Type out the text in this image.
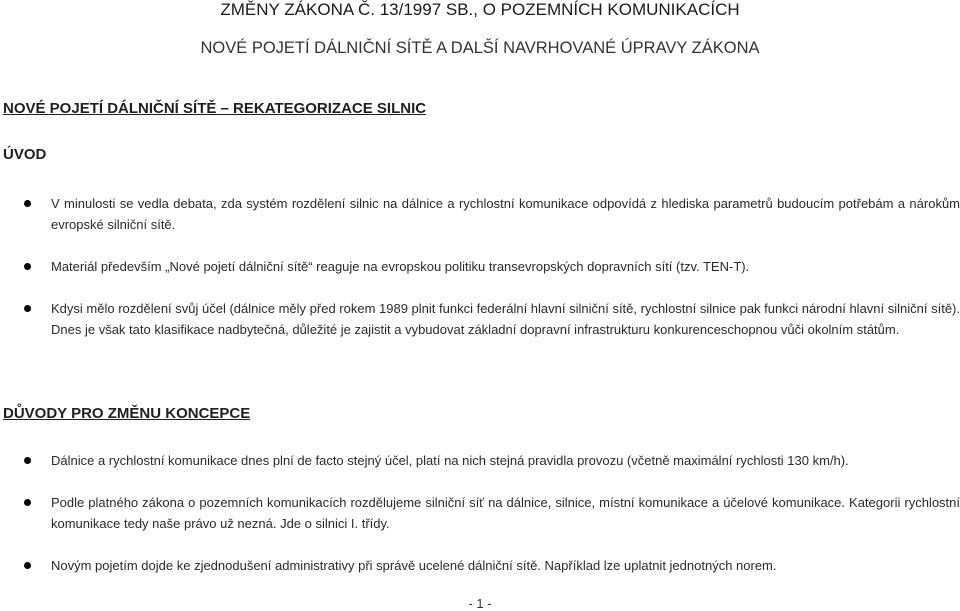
ZMĚNY ZÁKONA Č. 13/1997 SB., O POZEMNÍCH KOMUNIKACÍCH
NOVÉ POJETÍ DÁLNIČNÍ SÍTĚ A DALŠÍ NAVRHOVANÉ ÚPRAVY ZÁKONA
NOVÉ POJETÍ DÁLNIČNÍ SÍTĚ – REKATEGORIZACE SILNIC
ÚVOD
V minulosti se vedla debata, zda systém rozdělení silnic na dálnice a rychlostní komunikace odpovídá z hlediska parametrů budoucím potřebám a nárokům evropské silniční sítě.
Materiál především „Nové pojetí dálniční sítě“ reaguje na evropskou politiku transevropských dopravních sítí (tzv. TEN-T).
Kdysi mělo rozdělení svůj účel (dálnice měly před rokem 1989 plnit funkci federální hlavní silniční sítě, rychlostní silnice pak funkci národní hlavní silniční sítě). Dnes je však tato klasifikace nadbytečná, důležité je zajistit a vybudovat základní dopravní infrastrukturu konkurenceschopnou vůči okolním státům.
DŮVODY PRO ZMĚNU KONCEPCE
Dálnice a rychlostní komunikace dnes plní de facto stejný účel, platí na nich stejná pravidla provozu (včetně maximální rychlosti 130 km/h).
Podle platného zákona o pozemních komunikacích rozdělujeme silniční síť na dálnice, silnice, místní komunikace a účelové komunikace. Kategorii rychlostní komunikace tedy naše právo už nezná. Jde o silnici I. třídy.
Novým pojetím dojde ke zjednodušení administrativy při správě ucelené dálniční sítě. Například lze uplatnit jednotných norem.
- 1 -
